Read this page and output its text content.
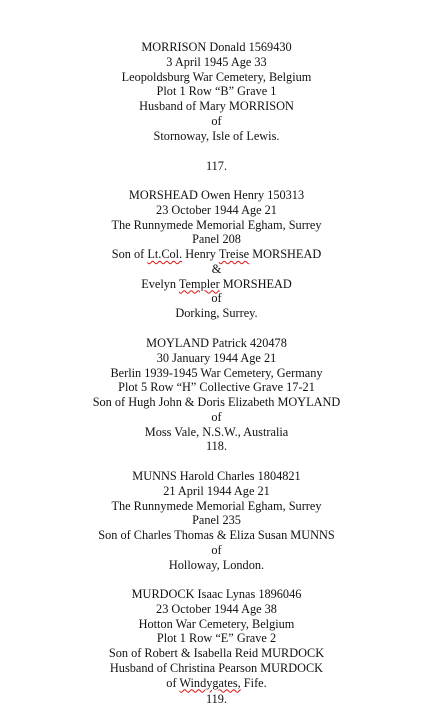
MORRISON Donald 1569430
3 April 1945 Age 33
Leopoldsburg War Cemetery, Belgium
Plot 1 Row “B” Grave 1
Husband of Mary MORRISON
of
Stornoway, Isle of Lewis.
117.
MORSHEAD Owen Henry 150313
23 October 1944 Age 21
The Runnymede Memorial Egham, Surrey
Panel 208
Son of Lt.Col. Henry Treise MORSHEAD
&
Evelyn Templer MORSHEAD
of
Dorking, Surrey.
MOYLAND Patrick 420478
30 January 1944 Age 21
Berlin 1939-1945 War Cemetery, Germany
Plot 5 Row “H” Collective Grave 17-21
Son of Hugh John & Doris Elizabeth MOYLAND
of
Moss Vale, N.S.W., Australia
118.
MUNNS Harold Charles 1804821
21 April 1944 Age 21
The Runnymede Memorial Egham, Surrey
Panel 235
Son of Charles Thomas & Eliza Susan MUNNS
of
Holloway, London.
MURDOCK Isaac Lynas 1896046
23 October 1944 Age 38
Hotton War Cemetery, Belgium
Plot 1 Row “E” Grave 2
Son of Robert & Isabella Reid MURDOCK
Husband of Christina Pearson MURDOCK
of Windygates, Fife.
119.
